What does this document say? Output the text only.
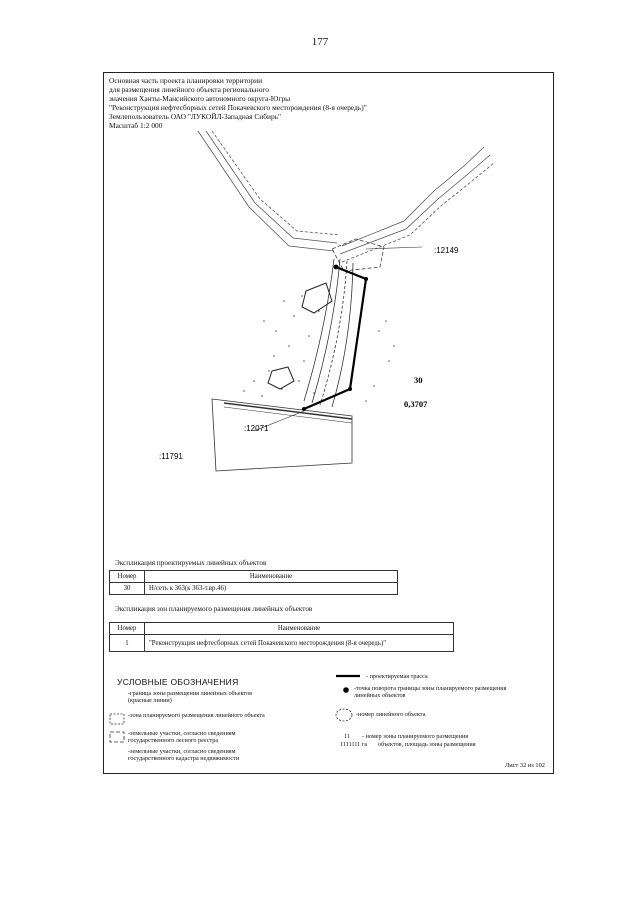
177
Основная часть проекта планировки территории
для размещения линейного объекта регионального
значения Ханты-Мансийского автономного округа-Югры
"Реконструкция нефтесборных сетей Покачевского месторождения (8-я очередь)"
Землепользователь ОАО "ЛУКОЙЛ-Западная Сибирь"
Масштаб 1:2 000
:12149
30
0,3707
:12071
:11791
Экспликация проектируемых линейных объектов
Номер	Наименование
30	Н/сеть к 363(к 363-т.вр.46)
Экспликация зон планируемого размещения линейных объектов
Номер	Наименование
1	"Реконструкция нефтесборных сетей Покачевского месторождения (8-я очередь)"
УСЛОВНЫЕ ОБОЗНАЧЕНИЯ
-граница зоны размещения линейных объектов (красные линии)
-зона планируемого размещения линейного объекта
-земельные участки, согласно сведениям государственного лесного реестра
-земельные участки, согласно сведениям государственного кадастра недвижимости
- проектируемая трасса
-точка поворота границы зоны планируемого размещения линейных объектов
-номер линейного объекта
11 - номер зоны планируемого размещения
1111111 га объектов, площадь зоны размещения
Лист 32 из 102
